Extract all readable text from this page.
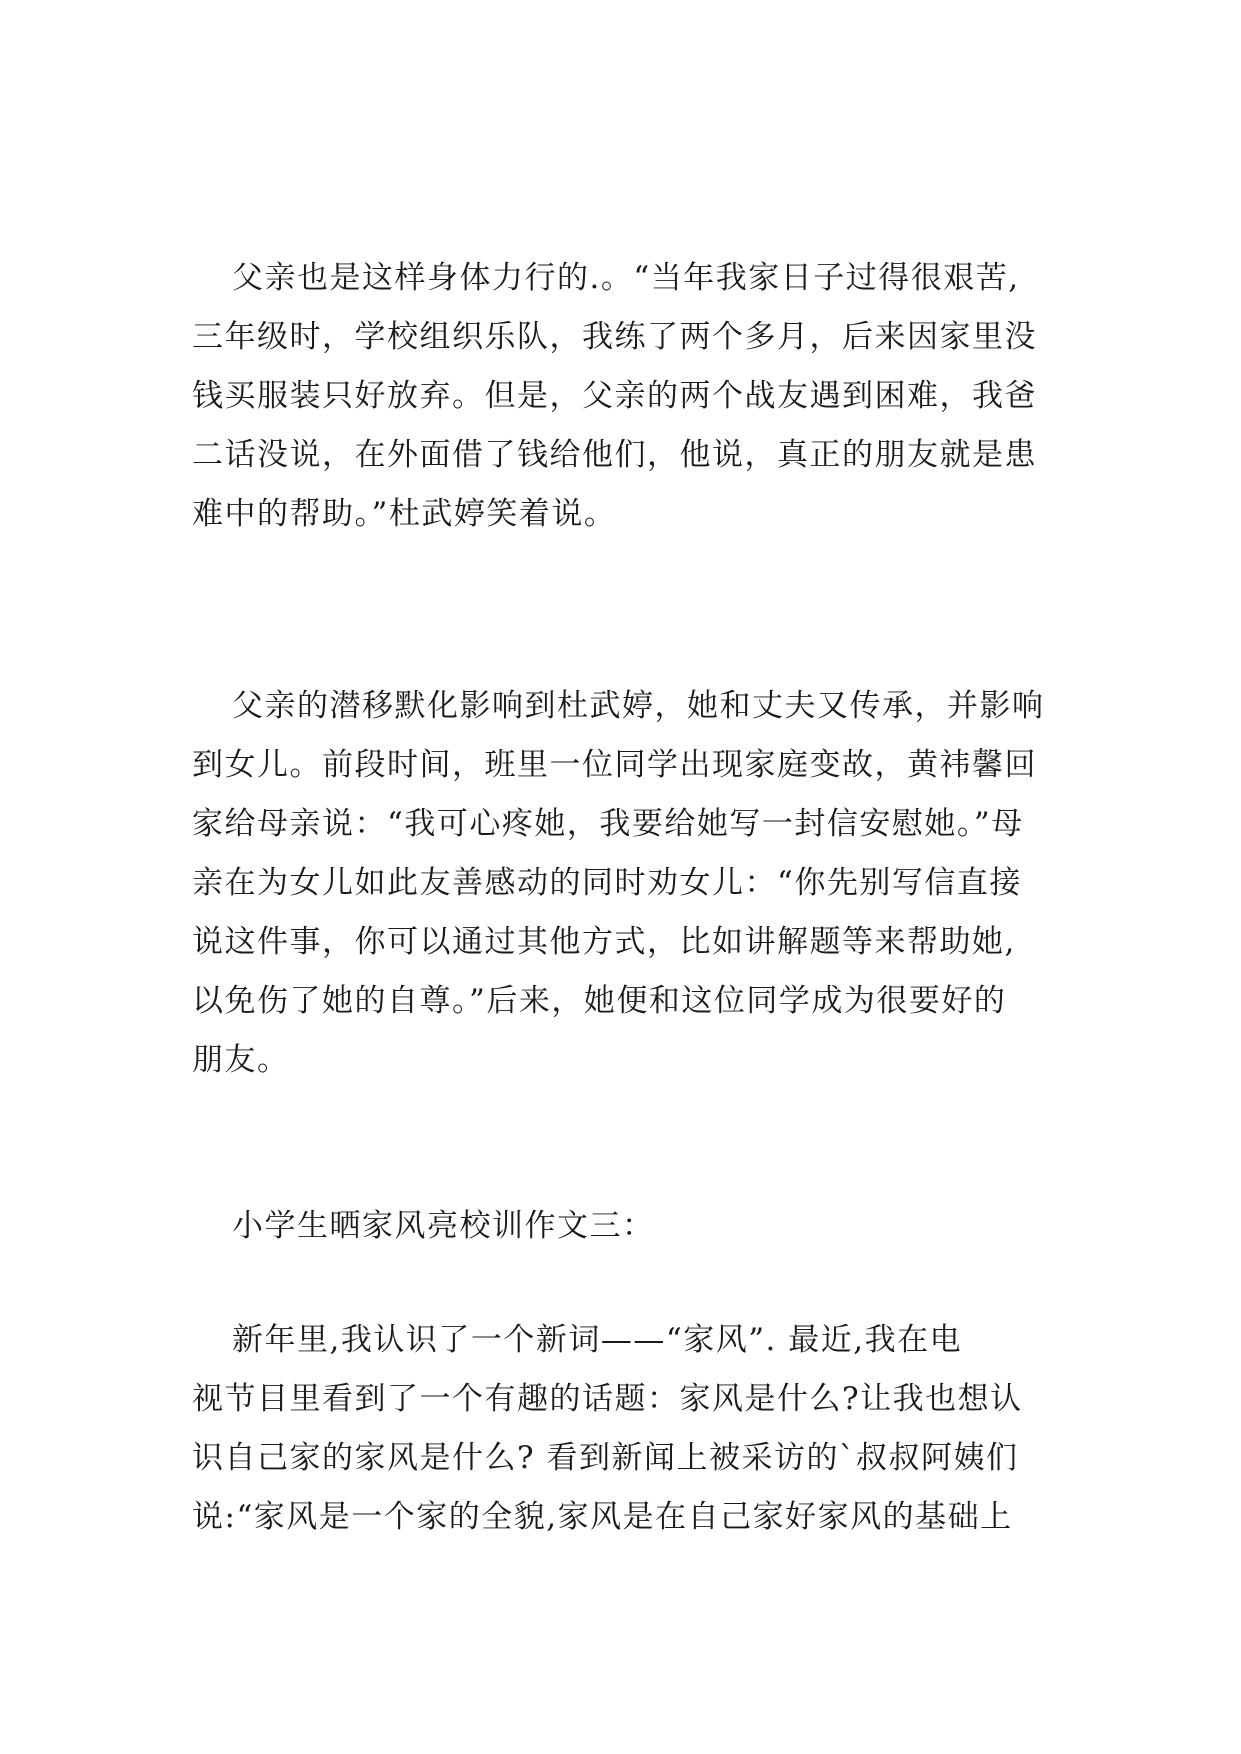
父亲也是这样身体力行的.。“当年我家日子过得很艰苦,
三年级时，学校组织乐队，我练了两个多月，后来因家里没
钱买服装只好放弃。但是，父亲的两个战友遇到困难，我爸
二话没说，在外面借了钱给他们，他说，真正的朋友就是患
难中的帮助。”杜武婷笑着说。
父亲的潜移默化影响到杜武婷，她和丈夫又传承，并影响
到女儿。前段时间，班里一位同学出现家庭变故，黄祎馨回
家给母亲说：“我可心疼她，我要给她写一封信安慰她。”母
亲在为女儿如此友善感动的同时劝女儿：“你先别写信直接
说这件事，你可以通过其他方式，比如讲解题等来帮助她,
以免伤了她的自尊。”后来，她便和这位同学成为很要好的
朋友。
小学生晒家风亮校训作文三：
新年里,我认识了一个新词——“家风”. 最近,我在电
视节目里看到了一个有趣的话题：家风是什么?让我也想认
识自己家的家风是什么? 看到新闻上被采访的`叔叔阿姨们
说:“家风是一个家的全貌,家风是在自己家好家风的基础上
